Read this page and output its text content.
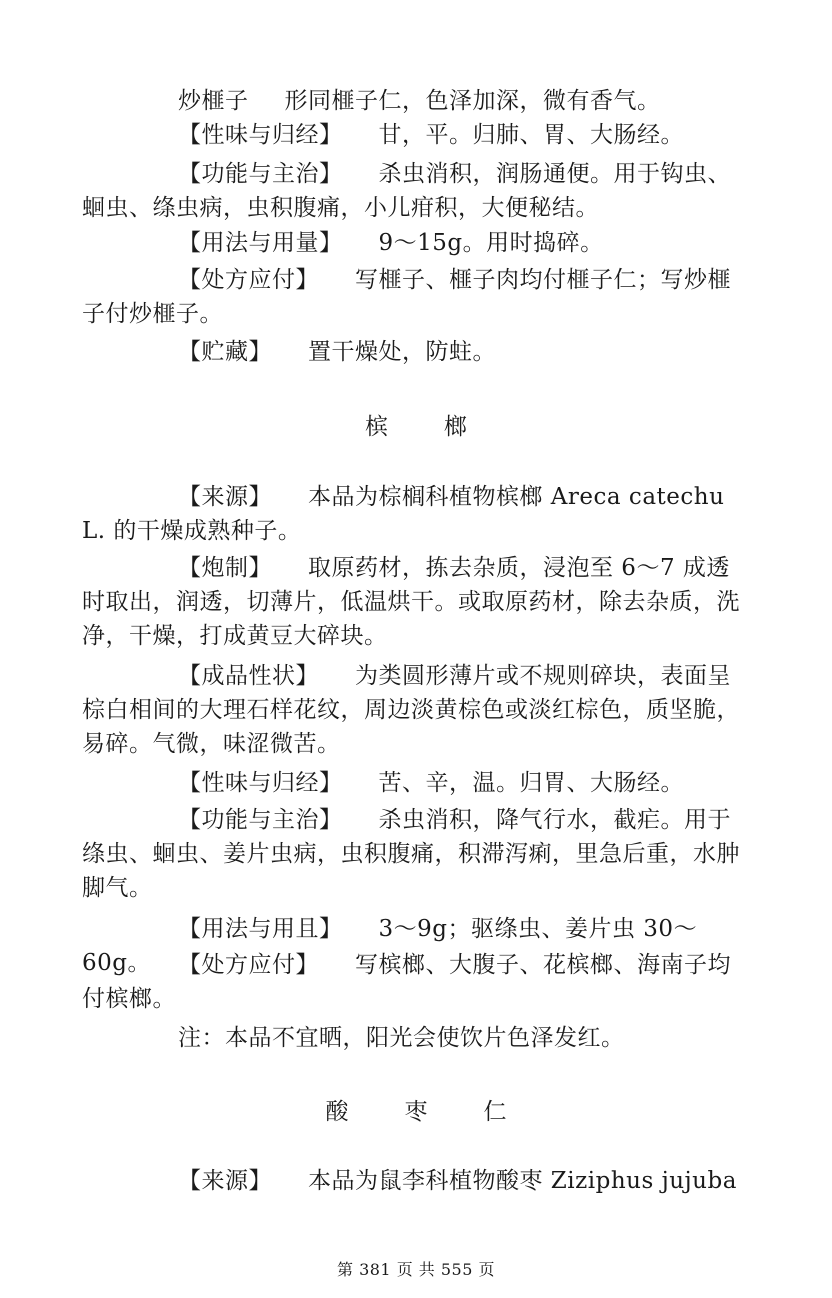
炒榧子 形同榧子仁，色泽加深，微有香气。
【性味与归经】 甘，平。归肺、胃、大肠经。
【功能与主治】 杀虫消积，润肠通便。用于钩虫、蛔虫、绦虫病，虫积腹痛，小儿疳积，大便秘结。
【用法与用量】 9～15g。用时捣碎。
【处方应付】 写榧子、榧子肉均付榧子仁；写炒榧子付炒榧子。
【贮藏】 置干燥处，防蛀。
槟榔
【来源】 本品为棕榈科植物槟榔 Areca catechu L. 的干燥成熟种子。
【炮制】 取原药材，拣去杂质，浸泡至 6～7 成透时取出，润透，切薄片，低温烘干。或取原药材，除去杂质，洗净，干燥，打成黄豆大碎块。
【成品性状】 为类圆形薄片或不规则碎块，表面呈棕白相间的大理石样花纹，周边淡黄棕色或淡红棕色，质坚脆，易碎。气微，味涩微苦。
【性味与归经】 苦、辛，温。归胃、大肠经。
【功能与主治】 杀虫消积，降气行水，截疟。用于绦虫、蛔虫、姜片虫病，虫积腹痛，积滞泻痢，里急后重，水肿脚气。
【用法与用且】 3～9g；驱绦虫、姜片虫 30～60g。	【处方应付】 写槟榔、大腹子、花槟榔、海南子均付槟榔。
注：本品不宜晒，阳光会使饮片色泽发红。
酸枣仁
【来源】 本品为鼠李科植物酸枣 Ziziphus jujuba
第 381 页 共 555 页
